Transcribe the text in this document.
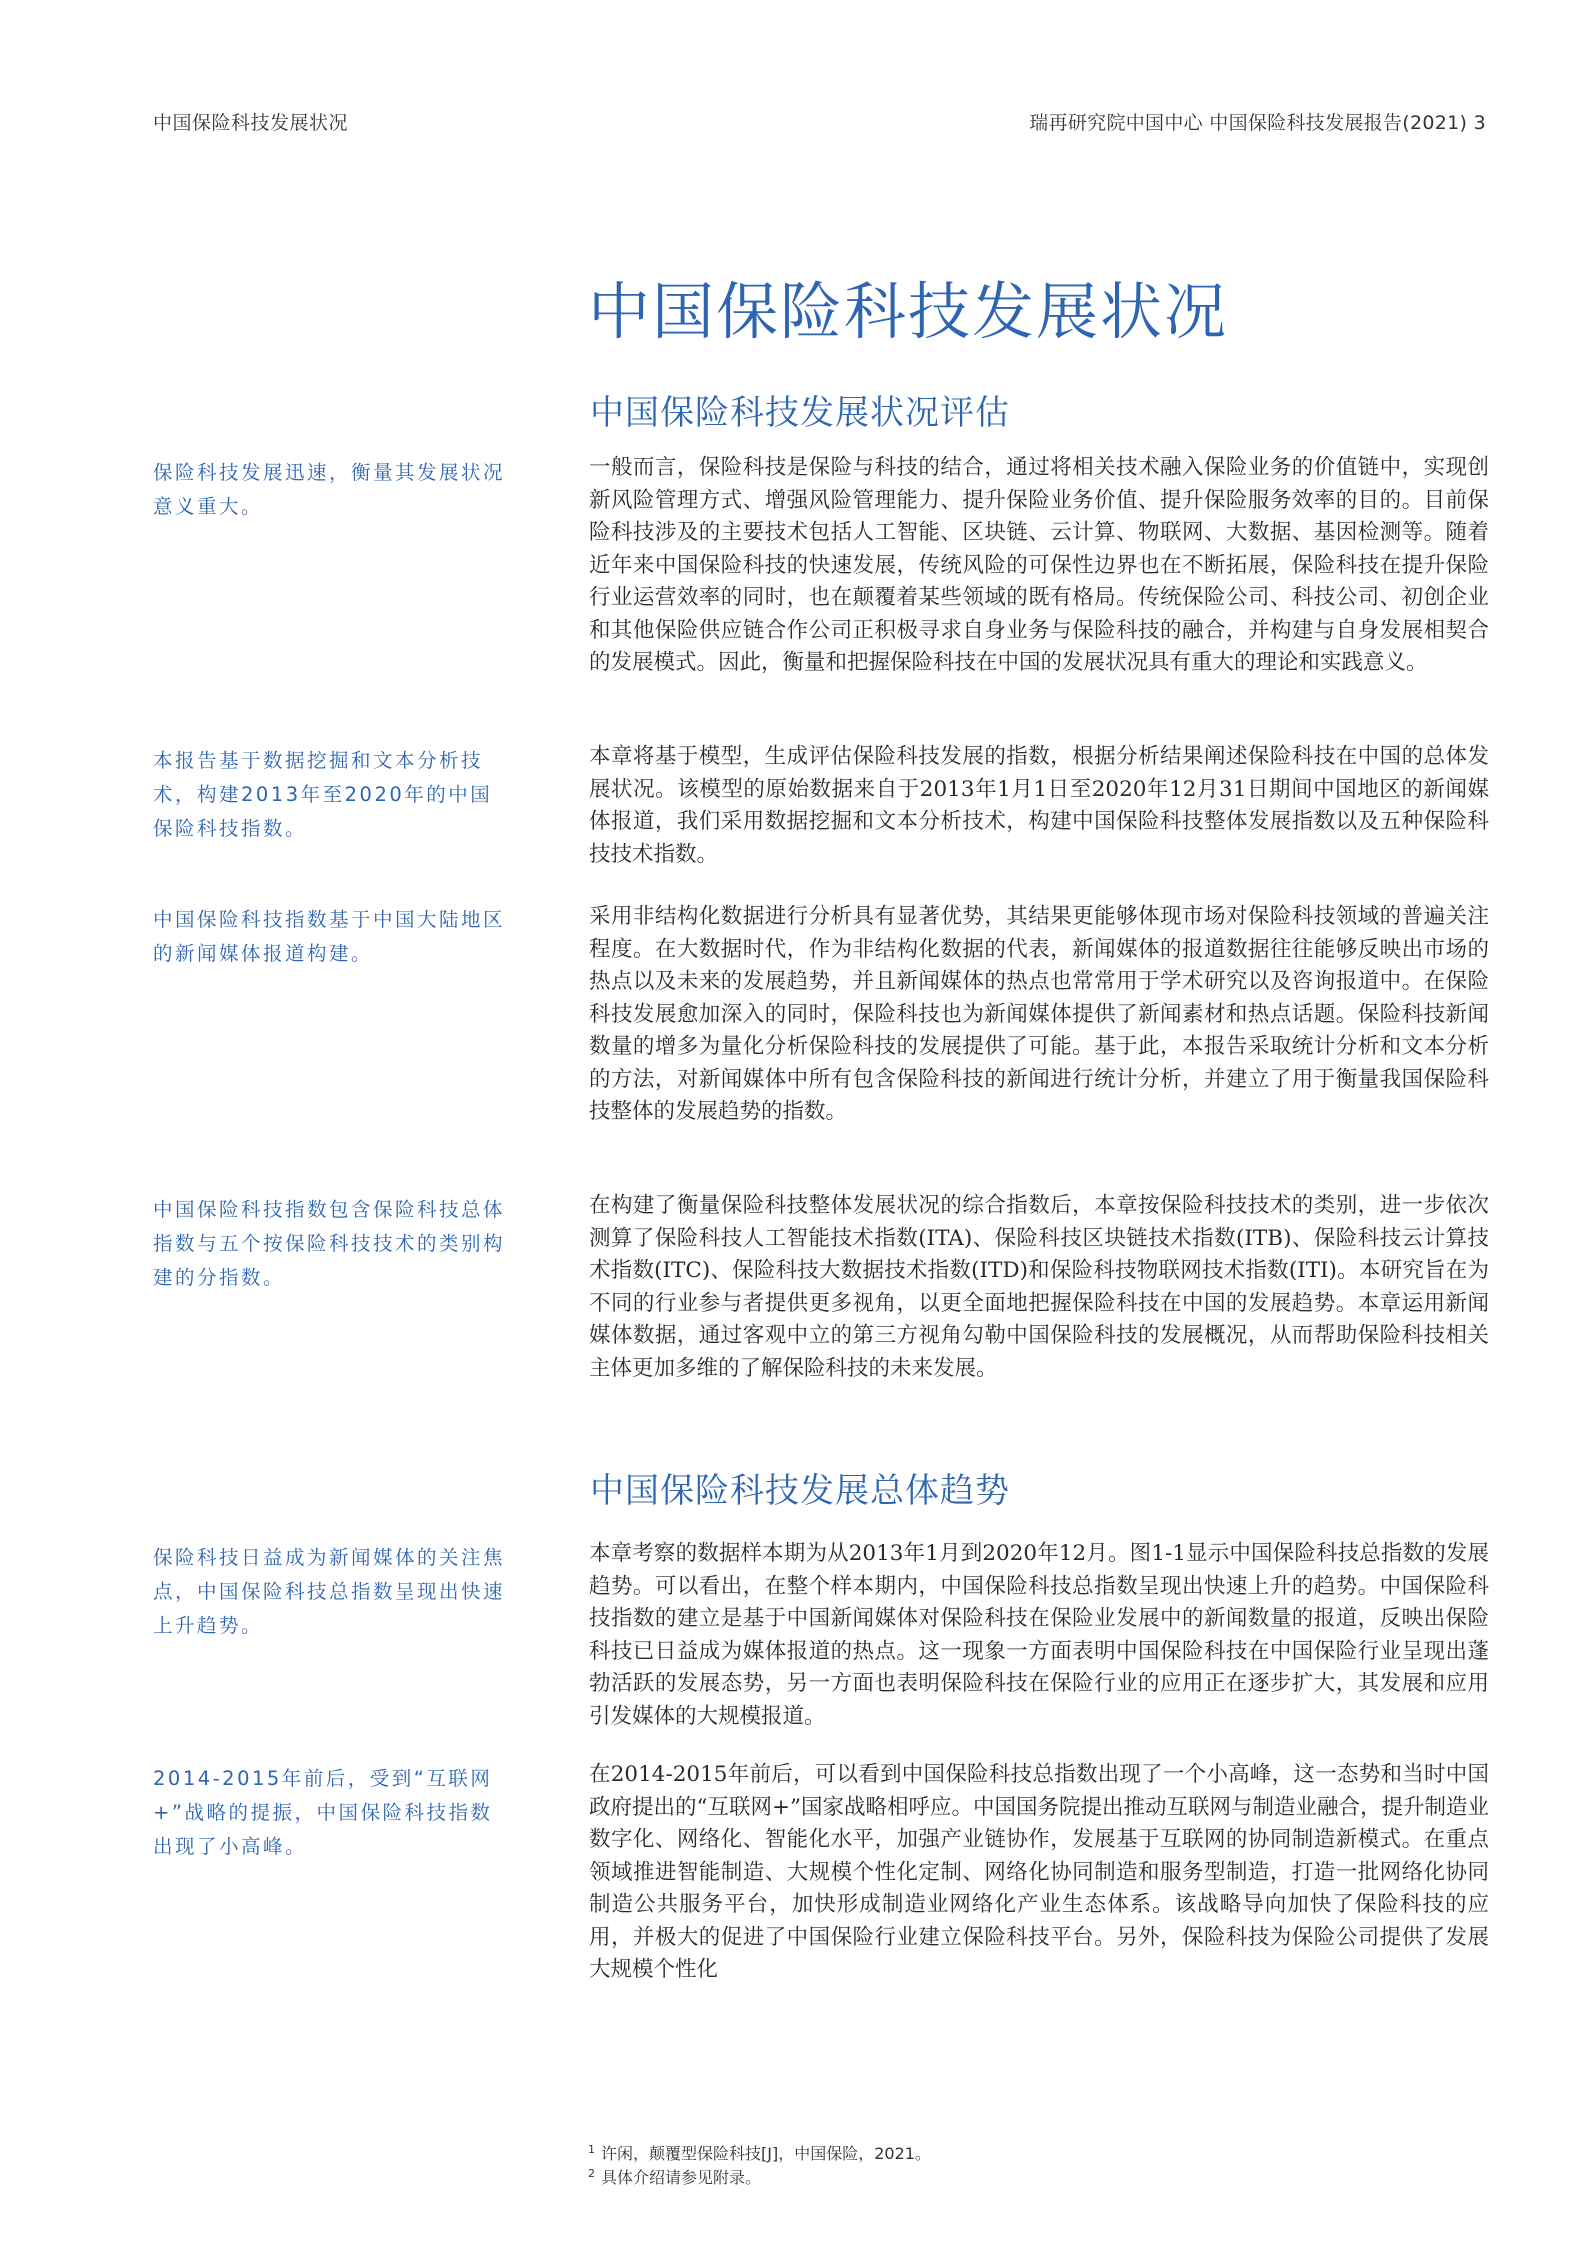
中国保险科技发展状况	瑞再研究院中国中心 中国保险科技发展报告(2021) 3
中国保险科技发展状况
中国保险科技发展状况评估
保险科技发展迅速，衡量其发展状况意义重大。

一般而言，保险科技是保险与科技的结合，通过将相关技术融入保险业务的价值链中，实现创新风险管理方式、增强风险管理能力、提升保险业务价值、提升保险服务效率的目的。目前保险科技涉及的主要技术包括人工智能、区块链、云计算、物联网、大数据、基因检测等。随着近年来中国保险科技的快速发展，传统风险的可保性边界也在不断拓展，保险科技在提升保险行业运营效率的同时，也在颠覆着某些领域的既有格局。传统保险公司、科技公司、初创企业和其他保险供应链合作公司正积极寻求自身业务与保险科技的融合，并构建与自身发展相契合的发展模式。因此，衡量和把握保险科技在中国的发展状况具有重大的理论和实践意义。

本报告基于数据挖掘和文本分析技术，构建2013年至2020年的中国保险科技指数。

本章将基于模型，生成评估保险科技发展的指数，根据分析结果阐述保险科技在中国的总体发展状况。该模型的原始数据来自于2013年1月1日至2020年12月31日期间中国地区的新闻媒体报道，我们采用数据挖掘和文本分析技术，构建中国保险科技整体发展指数以及五种保险科技技术指数。

中国保险科技指数基于中国大陆地区的新闻媒体报道构建。

采用非结构化数据进行分析具有显著优势，其结果更能够体现市场对保险科技领域的普遍关注程度。在大数据时代，作为非结构化数据的代表，新闻媒体的报道数据往往能够反映出市场的热点以及未来的发展趋势，并且新闻媒体的热点也常常用于学术研究以及咨询报道中。在保险科技发展愈加深入的同时，保险科技也为新闻媒体提供了新闻素材和热点话题。保险科技新闻数量的增多为量化分析保险科技的发展提供了可能。基于此，本报告采取统计分析和文本分析的方法，对新闻媒体中所有包含保险科技的新闻进行统计分析，并建立了用于衡量我国保险科技整体的发展趋势的指数。

中国保险科技指数包含保险科技总体指数与五个按保险科技技术的类别构建的分指数。

在构建了衡量保险科技整体发展状况的综合指数后，本章按保险科技技术的类别，进一步依次测算了保险科技人工智能技术指数(ITA)、保险科技区块链技术指数(ITB)、保险科技云计算技术指数(ITC)、保险科技大数据技术指数(ITD)和保险科技物联网技术指数(ITI)。本研究旨在为不同的行业参与者提供更多视角，以更全面地把握保险科技在中国的发展趋势。本章运用新闻媒体数据，通过客观中立的第三方视角勾勒中国保险科技的发展概况，从而帮助保险科技相关主体更加多维的了解保险科技的未来发展。

中国保险科技发展总体趋势
保险科技日益成为新闻媒体的关注焦点，中国保险科技总指数呈现出快速上升趋势。

本章考察的数据样本期为从2013年1月到2020年12月。图1-1显示中国保险科技总指数的发展趋势。可以看出，在整个样本期内，中国保险科技总指数呈现出快速上升的趋势。中国保险科技指数的建立是基于中国新闻媒体对保险科技在保险业发展中的新闻数量的报道，反映出保险科技已日益成为媒体报道的热点。这一现象一方面表明中国保险科技在中国保险行业呈现出蓬勃活跃的发展态势，另一方面也表明保险科技在保险行业的应用正在逐步扩大，其发展和应用引发媒体的大规模报道。

2014-2015年前后，受到“互联网+”战略的提振，中国保险科技指数出现了小高峰。

在2014-2015年前后，可以看到中国保险科技总指数出现了一个小高峰，这一态势和当时中国政府提出的“互联网+”国家战略相呼应。中国国务院提出推动互联网与制造业融合，提升制造业数字化、网络化、智能化水平，加强产业链协作，发展基于互联网的协同制造新模式。在重点领域推进智能制造、大规模个性化定制、网络化协同制造和服务型制造，打造一批网络化协同制造公共服务平台，加快形成制造业网络化产业生态体系。该战略导向加快了保险科技的应用，并极大的促进了中国保险行业建立保险科技平台。另外，保险科技为保险公司提供了发展大规模个性化

$^1$ 许闲，颠覆型保险科技[J]，中国保险，2021。
$^2$ 具体介绍请参见附录。
